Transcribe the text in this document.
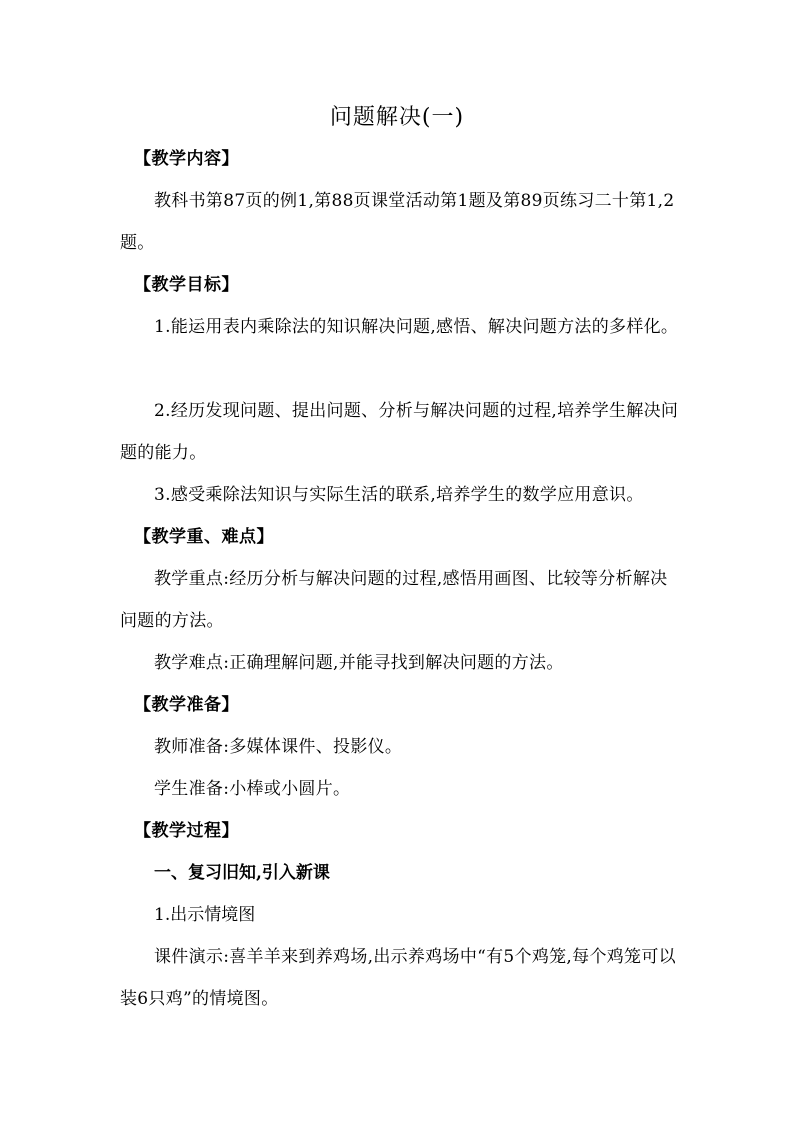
问题解决(一)
【教学内容】
教科书第87页的例1,第88页课堂活动第1题及第89页练习二十第1,2题。
【教学目标】
1.能运用表内乘除法的知识解决问题,感悟、解决问题方法的多样化。
2.经历发现问题、提出问题、分析与解决问题的过程,培养学生解决问题的能力。
3.感受乘除法知识与实际生活的联系,培养学生的数学应用意识。
【教学重、难点】
教学重点:经历分析与解决问题的过程,感悟用画图、比较等分析解决问题的方法。
教学难点:正确理解问题,并能寻找到解决问题的方法。
【教学准备】
教师准备:多媒体课件、投影仪。
学生准备:小棒或小圆片。
【教学过程】
一、复习旧知,引入新课
1.出示情境图
课件演示:喜羊羊来到养鸡场,出示养鸡场中“有5个鸡笼,每个鸡笼可以装6只鸡”的情境图。
